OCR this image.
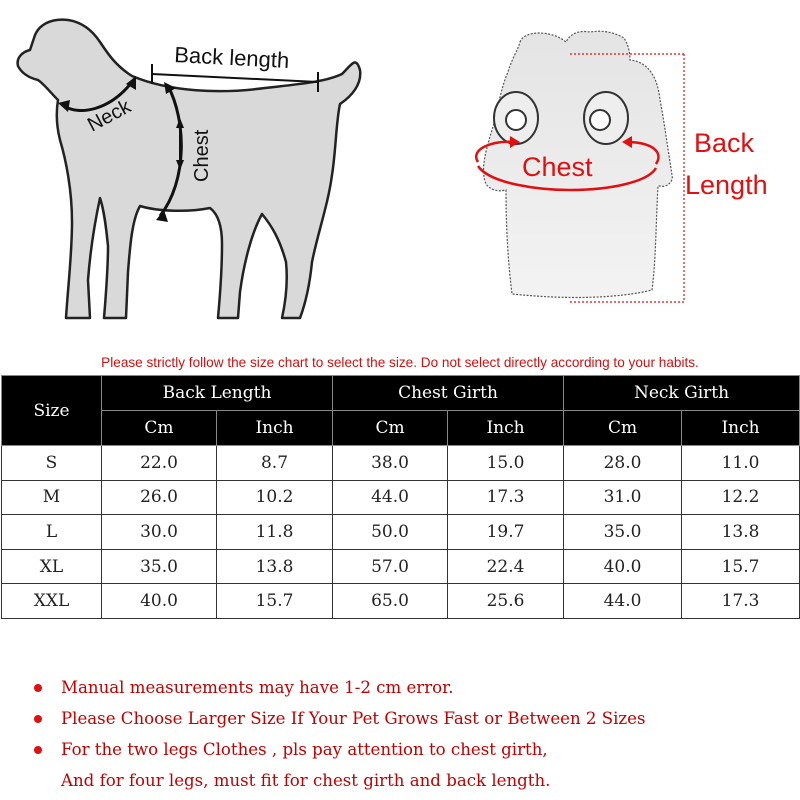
Back length
Neck
Chest	Chest
Back
Length
Please strictly follow the size chart to select the size. Do not select directly according to your habits.
Size	Back Length		Chest Girth		Neck Girth	
	Cm	Inch	Cm	Inch	Cm	Inch
S	22.0	8.7	38.0	15.0	28.0	11.0
M	26.0	10.2	44.0	17.3	31.0	12.2
L	30.0	11.8	50.0	19.7	35.0	13.8
XL	35.0	13.8	57.0	22.4	40.0	15.7
XXL	40.0	15.7	65.0	25.6	44.0	17.3
Manual measurements may have 1-2 cm error.
Please Choose Larger Size If Your Pet Grows Fast or Between 2 Sizes
For the two legs Clothes , pls pay attention to chest girth,
And for four legs, must fit for chest girth and back length.
